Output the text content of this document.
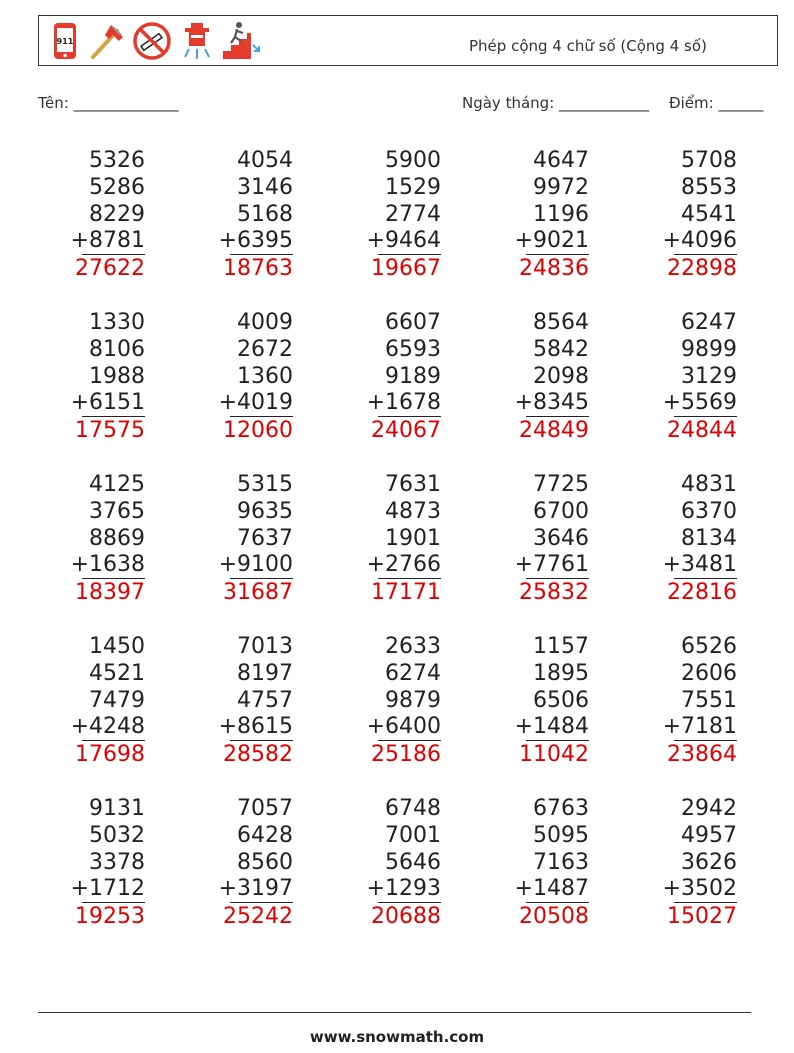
911	Phép cộng 4 chữ số (Cộng 4 số)
Tên: ______________	Ngày tháng: ____________ Điểm: ______
5326
5286
8229
+8781
27622
4054
3146
5168
+6395
18763
5900
1529
2774
+9464
19667
4647
9972
1196
+9021
24836
5708
8553
4541
+4096
22898
1330
8106
1988
+6151
17575
4009
2672
1360
+4019
12060
6607
6593
9189
+1678
24067
8564
5842
2098
+8345
24849
6247
9899
3129
+5569
24844
4125
3765
8869
+1638
18397
5315
9635
7637
+9100
31687
7631
4873
1901
+2766
17171
7725
6700
3646
+7761
25832
4831
6370
8134
+3481
22816
1450
4521
7479
+4248
17698
7013
8197
4757
+8615
28582
2633
6274
9879
+6400
25186
1157
1895
6506
+1484
11042
6526
2606
7551
+7181
23864
9131
5032
3378
+1712
19253
7057
6428
8560
+3197
25242
6748
7001
5646
+1293
20688
6763
5095
7163
+1487
20508
2942
4957
3626
+3502
15027
www.snowmath.com
